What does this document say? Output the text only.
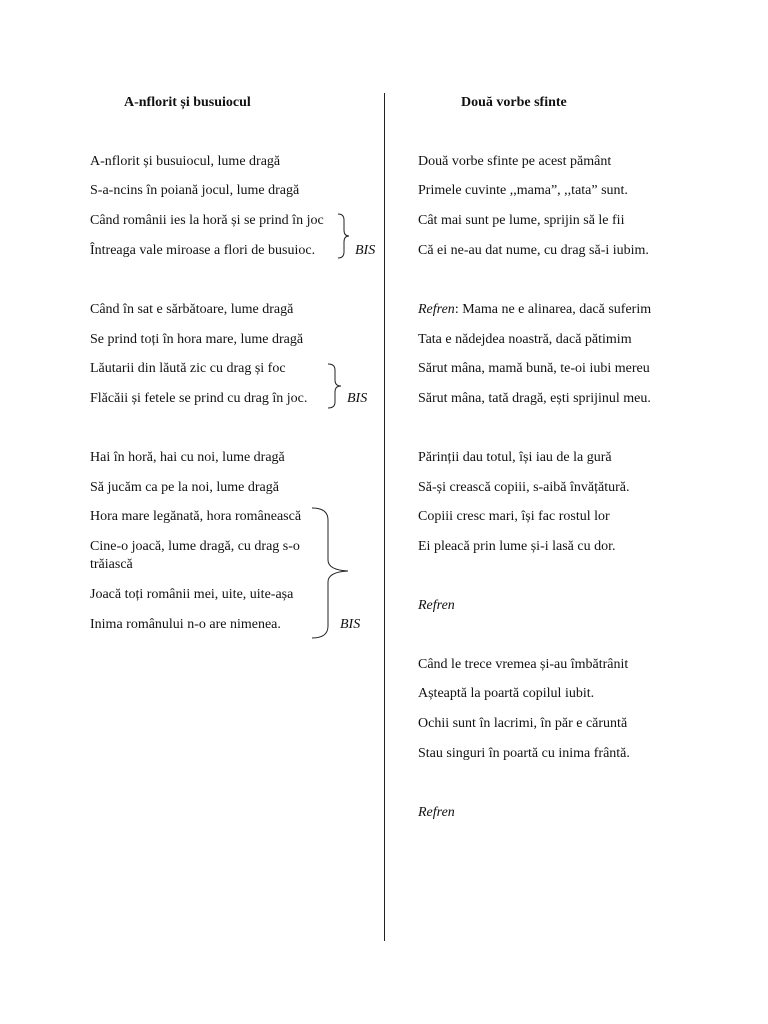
A-nflorit și busuiocul
A-nflorit și busuiocul, lume dragă
S-a-ncins în poiană jocul, lume dragă
Când românii ies la horă și se prind în joc
Întreaga vale miroase a flori de busuioc.	BIS
Când în sat e sărbătoare, lume dragă
Se prind toți în hora mare, lume dragă
Lăutarii din lăută zic cu drag și foc
Flăcăii și fetele se prind cu drag în joc.	BIS
Hai în horă, hai cu noi, lume dragă
Să jucăm ca pe la noi, lume dragă
Hora mare legănată, hora românească
Cine-o joacă, lume dragă, cu drag s-o trăiască
Joacă toți românii mei, uite, uite-așa
Inima românului n-o are nimenea.	BIS
Două vorbe sfinte
Două vorbe sfinte pe acest pământ
Primele cuvinte ,,mama”, ,,tata” sunt.
Cât mai sunt pe lume, sprijin să le fii
Că ei ne-au dat nume, cu drag să-i iubim.
Refren: Mama ne e alinarea, dacă suferim
Tata e nădejdea noastră, dacă pătimim
Sărut mâna, mamă bună, te-oi iubi mereu
Sărut mâna, tată dragă, ești sprijinul meu.
Părinții dau totul, își iau de la gură
Să-și crească copiii, s-aibă învățătură.
Copiii cresc mari, își fac rostul lor
Ei pleacă prin lume și-i lasă cu dor.
Refren
Când le trece vremea și-au îmbătrânit
Așteaptă la poartă copilul iubit.
Ochii sunt în lacrimi, în păr e căruntă
Stau singuri în poartă cu inima frântă.
Refren
